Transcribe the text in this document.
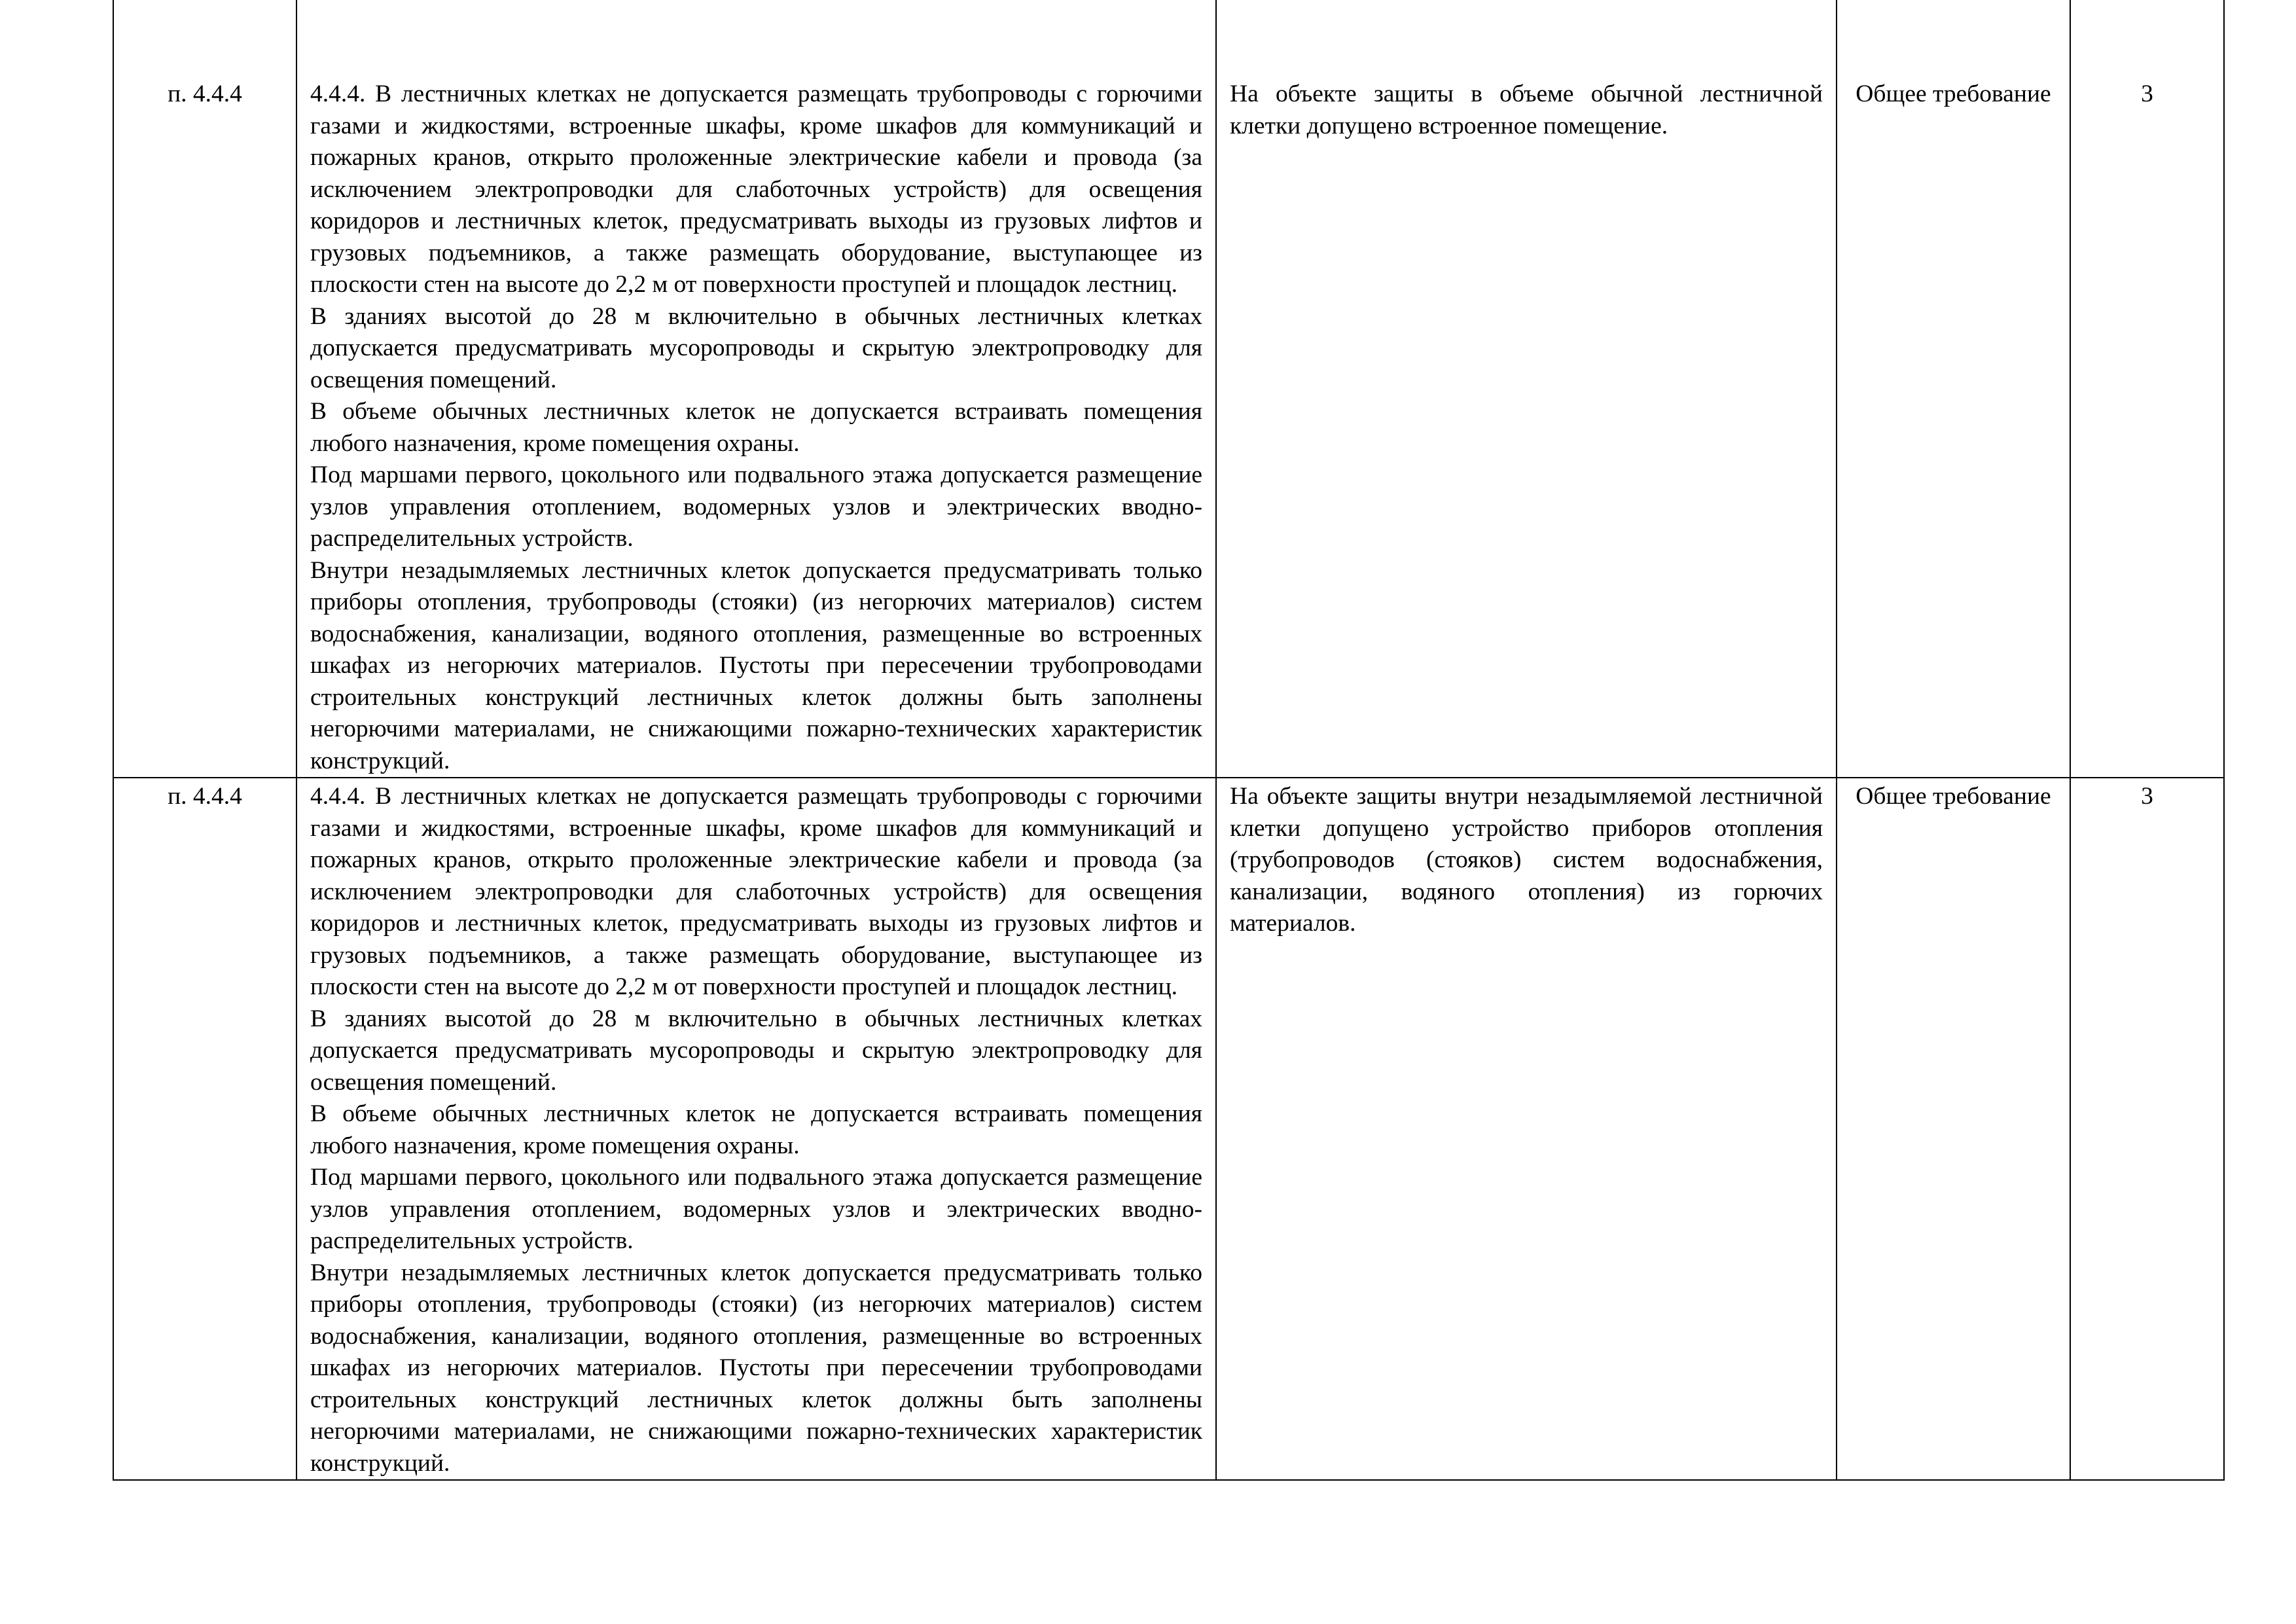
п. 4.4.4	4.4.4. В лестничных клетках не допускается размещать трубопроводы с горючими газами и жидкостями, встроенные шкафы, кроме шкафов для коммуникаций и пожарных кранов, открыто проложенные электрические кабели и провода (за исключением электропроводки для слаботочных устройств) для освещения коридоров и лестничных клеток, предусматривать выходы из грузовых лифтов и грузовых подъемников, а также размещать оборудование, выступающее из плоскости стен на высоте до 2,2 м от поверхности проступей и площадок лестниц.

В зданиях высотой до 28 м включительно в обычных лестничных клетках допускается предусматривать мусоропроводы и скрытую электропроводку для освещения помещений.

В объеме обычных лестничных клеток не допускается встраивать помещения любого назначения, кроме помещения охраны.

Под маршами первого, цокольного или подвального этажа допускается размещение узлов управления отоплением, водомерных узлов и электрических вводно-распределительных устройств.

Внутри незадымляемых лестничных клеток допускается предусматривать только приборы отопления, трубопроводы (стояки) (из негорючих материалов) систем водоснабжения, канализации, водяного отопления, размещенные во встроенных шкафах из негорючих материалов. Пустоты при пересечении трубопроводами строительных конструкций лестничных клеток должны быть заполнены негорючими материалами, не снижающими пожарно-технических характеристик конструкций.	На объекте защиты в объеме обычной лестничной клетки допущено встроенное помещение.	Общее требование	3

п. 4.4.4	4.4.4. В лестничных клетках не допускается размещать трубопроводы с горючими газами и жидкостями, встроенные шкафы, кроме шкафов для коммуникаций и пожарных кранов, открыто проложенные электрические кабели и провода (за исключением электропроводки для слаботочных устройств) для освещения коридоров и лестничных клеток, предусматривать выходы из грузовых лифтов и грузовых подъемников, а также размещать оборудование, выступающее из плоскости стен на высоте до 2,2 м от поверхности проступей и площадок лестниц.

В зданиях высотой до 28 м включительно в обычных лестничных клетках допускается предусматривать мусоропроводы и скрытую электропроводку для освещения помещений.

В объеме обычных лестничных клеток не допускается встраивать помещения любого назначения, кроме помещения охраны.

Под маршами первого, цокольного или подвального этажа допускается размещение узлов управления отоплением, водомерных узлов и электрических вводно-распределительных устройств.

Внутри незадымляемых лестничных клеток допускается предусматривать только приборы отопления, трубопроводы (стояки) (из негорючих материалов) систем водоснабжения, канализации, водяного отопления, размещенные во встроенных шкафах из негорючих материалов. Пустоты при пересечении трубопроводами строительных конструкций лестничных клеток должны быть заполнены негорючими материалами, не снижающими пожарно-технических характеристик конструкций.	На объекте защиты внутри незадымляемой лестничной клетки допущено устройство приборов отопления (трубопроводов (стояков) систем водоснабжения, канализации, водяного отопления) из горючих материалов.	Общее требование	3
